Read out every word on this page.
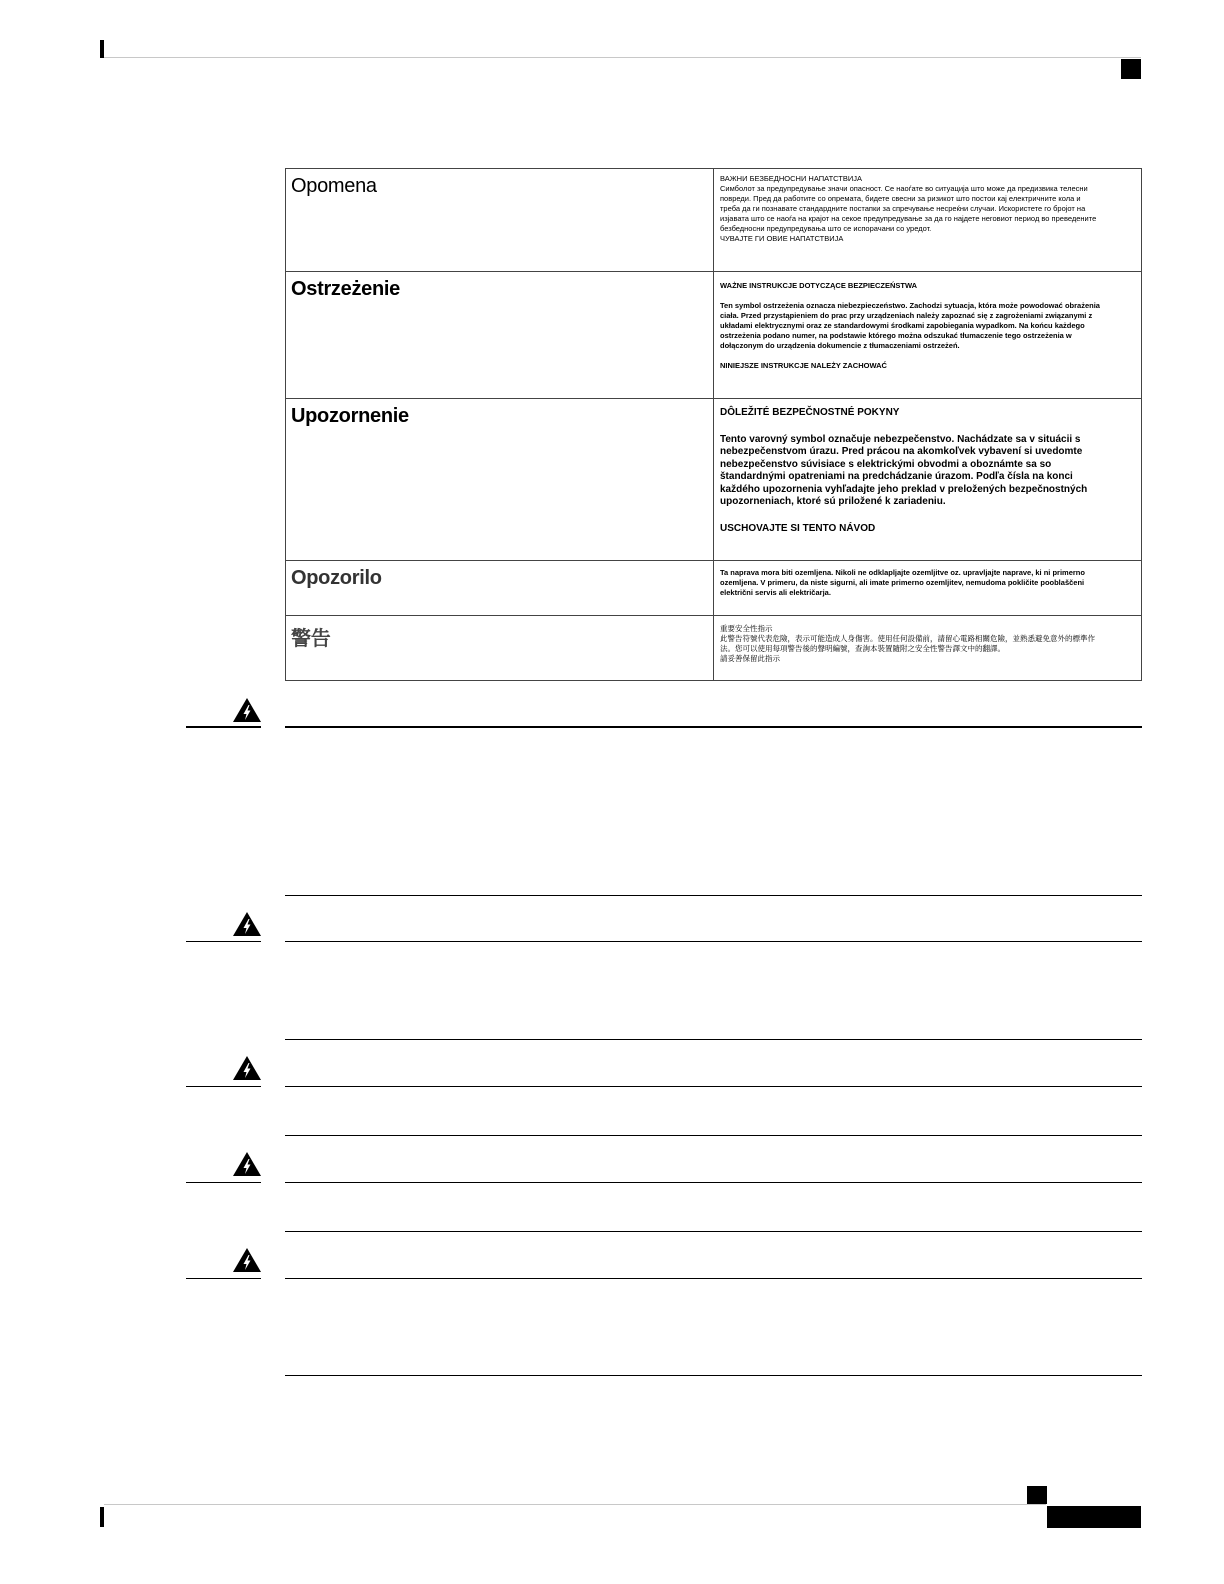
Opomena	ВАЖНИ БЕЗБЕДНОСНИ НАПАТСТВИЈА

Симболот за предупредување значи опасност. Се наоѓате во ситуација што може да предизвика телесни повреди. Пред да работите со опремата, бидете свесни за ризикот што постои кај електричните кола и треба да ги познавате стандардните постапки за спречување несреќни случаи. Искористете го бројот на изјавата што се наоѓа на крајот на секое предупредување за да го најдете неговиот период во преведените безбедносни предупредувања што се испорачани со уредот.

ЧУВАЈТЕ ГИ ОВИЕ НАПАТСТВИЈА

Ostrzeżenie	WAŻNE INSTRUKCJE DOTYCZĄCE BEZPIECZEŃSTWA

Ten symbol ostrzeżenia oznacza niebezpieczeństwo. Zachodzi sytuacja, która może powodować obrażenia ciała. Przed przystąpieniem do prac przy urządzeniach należy zapoznać się z zagrożeniami związanymi z układami elektrycznymi oraz ze standardowymi środkami zapobiegania wypadkom. Na końcu każdego ostrzeżenia podano numer, na podstawie którego można odszukać tłumaczenie tego ostrzeżenia w dołączonym do urządzenia dokumencie z tłumaczeniami ostrzeżeń.

NINIEJSZE INSTRUKCJE NALEŻY ZACHOWAĆ

Upozornenie	DÔLEŽITÉ BEZPEČNOSTNÉ POKYNY

Tento varovný symbol označuje nebezpečenstvo. Nachádzate sa v situácii s nebezpečenstvom úrazu. Pred prácou na akomkoľvek vybavení si uvedomte nebezpečenstvo súvisiace s elektrickými obvodmi a oboznámte sa so štandardnými opatreniami na predchádzanie úrazom. Podľa čísla na konci každého upozornenia vyhľadajte jeho preklad v preložených bezpečnostných upozorneniach, ktoré sú priložené k zariadeniu.

USCHOVAJTE SI TENTO NÁVOD

Opozorilo	Ta naprava mora biti ozemljena. Nikoli ne odklapljajte ozemljitve oz. upravljajte naprave, ki ni primerno ozemljena. V primeru, da niste sigurni, ali imate primerno ozemljitev, nemudoma pokličite pooblaščeni električni servis ali električarja.

警告	重要安全性指示

此警告符號代表危險，表示可能造成人身傷害。使用任何設備前，請留心電路相關危險，並熟悉避免意外的標準作法。您可以使用每項警告後的聲明編號，查詢本裝置隨附之安全性警告譯文中的翻譯。

請妥善保留此指示
